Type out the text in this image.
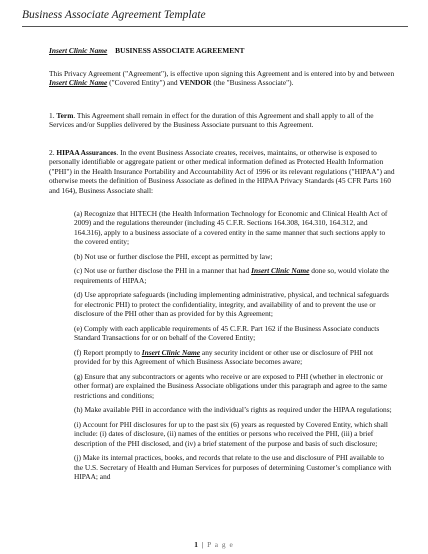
Business Associate Agreement Template
Insert Clinic Name BUSINESS ASSOCIATE AGREEMENT
This Privacy Agreement ("Agreement"), is effective upon signing this Agreement and is entered into by and between Insert Clinic Name ("Covered Entity") and VENDOR (the "Business Associate").
1. Term. This Agreement shall remain in effect for the duration of this Agreement and shall apply to all of the Services and/or Supplies delivered by the Business Associate pursuant to this Agreement.
2. HIPAA Assurances. In the event Business Associate creates, receives, maintains, or otherwise is exposed to personally identifiable or aggregate patient or other medical information defined as Protected Health Information ("PHI") in the Health Insurance Portability and Accountability Act of 1996 or its relevant regulations ("HIPAA") and otherwise meets the definition of Business Associate as defined in the HIPAA Privacy Standards (45 CFR Parts 160 and 164), Business Associate shall:
(a) Recognize that HITECH (the Health Information Technology for Economic and Clinical Health Act of 2009) and the regulations thereunder (including 45 C.F.R. Sections 164.308, 164.310, 164.312, and 164.316), apply to a business associate of a covered entity in the same manner that such sections apply to the covered entity;
(b) Not use or further disclose the PHI, except as permitted by law;
(c) Not use or further disclose the PHI in a manner that had Insert Clinic Name done so, would violate the requirements of HIPAA;
(d) Use appropriate safeguards (including implementing administrative, physical, and technical safeguards for electronic PHI) to protect the confidentiality, integrity, and availability of and to prevent the use or disclosure of the PHI other than as provided for by this Agreement;
(e) Comply with each applicable requirements of 45 C.F.R. Part 162 if the Business Associate conducts Standard Transactions for or on behalf of the Covered Entity;
(f) Report promptly to Insert Clinic Name any security incident or other use or disclosure of PHI not provided for by this Agreement of which Business Associate becomes aware;
(g) Ensure that any subcontractors or agents who receive or are exposed to PHI (whether in electronic or other format) are explained the Business Associate obligations under this paragraph and agree to the same restrictions and conditions;
(h) Make available PHI in accordance with the individual’s rights as required under the HIPAA regulations;
(i) Account for PHI disclosures for up to the past six (6) years as requested by Covered Entity, which shall include: (i) dates of disclosure, (ii) names of the entities or persons who received the PHI, (iii) a brief description of the PHI disclosed, and (iv) a brief statement of the purpose and basis of such disclosure;
(j) Make its internal practices, books, and records that relate to the use and disclosure of PHI available to the U.S. Secretary of Health and Human Services for purposes of determining Customer’s compliance with HIPAA; and
1 | P a g e
